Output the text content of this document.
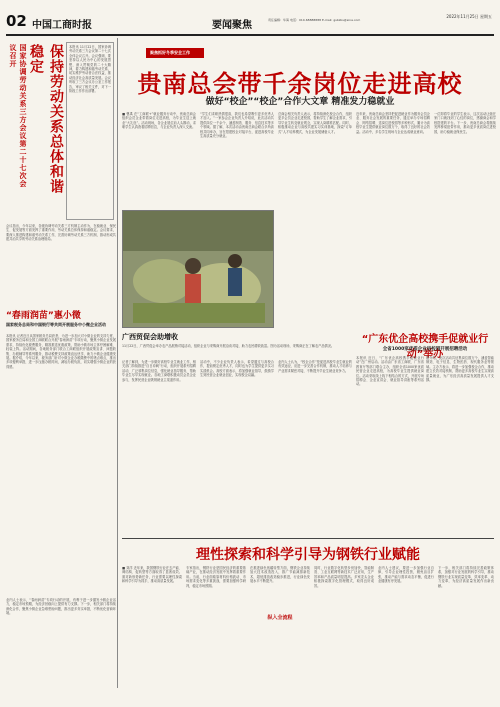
02 中国工商时报	要闻聚焦	责任编辑：华海 电话：010-68888888 E-mail: gsbzbs@sina.com
2022年11月25日 星期五
保持劳动关系总体和谐稳定
国家协调劳动关系三方会议第二十七次会议召开	本报讯 11月22日，国家协调劳动关系三方会议第二十七次全体会议召开。会议强调，要坚持以人民为中心的发展思想，深入贯彻党的二十大精神，着力构建和谐劳动关系，切实维护劳动者合法权益，推动经济社会高质量发展。会议听取了三方会议办公室工作报告，审议了相关文件，对下一阶段工作作出部署。
会议指出，今年以来，各级协调劳动关系三方机制主动作为，在稳就业、保民生、促发展等方面发挥了重要作用，劳动关系总体保持和谐稳定。会议要求，要深入推进构建和谐劳动关系工作，完善协调劳动关系三方机制，推动形成共建共治共享的劳动关系治理格局。
“春雨润苗”惠小微
国家税务总局和中国银行等共同开展服务中小微企业活动
本报讯 记者近日从国家税务总局获悉，为进一步加大对小微企业的支持力度，国家税务总局和全国工商联联合开展“春雨润苗”专项行动，聚焦小微企业发展需求，持续优化税费服务，精准推送优惠政策，帮助小微市场主体纾困解难、轻装上阵。活动期间，各地税务部门联合工商联组织开展政策宣讲、问题收集、办税辅导等系列服务，推动税费支持政策直达快享，助力小微企业健康发展。据介绍，今年以来，税务部门针对小微企业办税缴费中的堵点难点，推出多项便利举措，进一步压缩办税时间，减轻办税负担，切实增强小微企业的获得感。
业内人士表示，“春雨润苗”专项行动的开展，有利于进一步激发小微企业活力，稳定市场预期，为经济回稳向上提供有力支撑。下一步，相关部门将持续深化合作，聚焦小微企业急难愁盼问题，推出更多务实举措，不断优化营商环境。
聚焦抓好冬季安全工作
贵南总会带千余岗位走进高校
做好“校企”“校企”合作大文章 精准发力稳就业
■ 曹禹 在“工商联+”就业服务行动中，贵南总商会组织会员企业带着岗位走进高校，为毕业生送上就业“大礼包”。活动现场，各企业展位前人头攒动，求职学生认真查看招聘信息，与企业负责人深入交流。
“学生们求职热情很高，我们也希望吸引更多优秀人才加入。”一家参会企业负责人介绍说，此次活动共提供岗位一千余个，涵盖制造、服务、信息技术等多个领域。据了解，本次活动由贵南总商会联合多所高校共同举办，旨在搭建校企对接平台，促进高校毕业生高质量充分就业。
总商会相关负责人表示，将持续深化校企合作，组织更多会员企业走进校园，帮助学生了解企业需求，引导毕业生转变就业观念，实现人岗精准匹配。同时，积极推动企业与高校共建实习实训基地，探索“订单式”人才培养模式，为企业发展储备人才。
近年来，贵南总商会坚持把促进就业作为服务会员企业、服务社会发展的重要任务，通过举办专场招聘会、网络招聘、送岗位进校园等多种形式，累计为高校毕业生提供就业岗位数万个，取得了良好的社会效益。活动中，多名学生现场与企业达成就业意向。
一位即将毕业的学生表示，这次活动让她在家门口就找到了心仪的岗位，感谢商会和学校搭建的平台。下一步，贵南总商会将继续发挥桥梁纽带作用，推动更多优质岗位进校园，助力稳就业保民生。
广西贸促会助增收
11月22日，广西贸促会举办农产品展销对接活动，组织企业与采购商开展洽谈对接，助力农民增收致富。图为活动现场，采购商正在了解农产品情况。
“广东优企高校携手促就业行动”举办
全省1000家优质企业进校园开展招聘活动
本报讯 近日，“广东优企高校携手促就业行动”在广州启动。活动由广东省工商联、广东省教育厅等部门联合主办，组织全省1000家优质民营企业走进高校，为高校毕业生提供就业岗位。活动采取线上线下相结合的方式，开展专场招聘会、企业宣讲会、就业指导讲座等系列活动。
据介绍，此次活动共征集岗位数万个，涵盖智能制造、电子信息、生物医药、现代服务业等领域。主办方表示，将进一步加强校企合作，推动建立长效对接机制，帮助更多高校毕业生实现高质量就业，为广东经济高质量发展提供人才支撑。
记者了解到，为进一步做好高校毕业生就业工作，相关部门持续推进“百日冲刺”行动，组织开展系列招聘活动，广泛募集岗位信息，强化就业指导服务，帮助毕业生尽早实现就业。各地工商联积极动员会员企业参与，发挥民营企业吸纳就业主渠道作用。
活动中，不少企业负责人表示，希望通过与高校合作，提前锁定优秀人才，同时也为学生提供更多实习实践机会。高校方面表示，将加强就业指导，鼓励学生到民营企业就业创业，实现校企双赢。
业内人士认为，“校企合作”是促进高校毕业生就业的有效途径，应进一步完善合作机制，推动人才培养与产业需求紧密对接，不断提升毕业生就业竞争力。
理性探索和科学引导为钢铁行业赋能
■ 刘洋 近年来，我国钢铁行业在去产能、调结构、促转型等方面取得了显著成效。面对新形势新任务，行业需要以理性探索和科学引导为抓手，推动高质量发展。
专家指出，钢铁行业是国民经济的重要基础产业，在推动经济发展中发挥着重要作用。当前，行业面临原材料价格波动、市场需求变化等多重挑战，需要加强科学研判，稳定市场预期。
在推进绿色低碳转型方面，钢铁企业持续加大技术改造投入，推广节能减排新技术，超低排放改造稳步推进，行业绿色发展水平不断提升。
纵入全流程
同时，行业数字化转型步伐加快，智能制造、工业互联网等新技术广泛应用，生产效率和产品质量明显提高。多家龙头企业积极探索数字化管理模式，取得良好成效。
业内人士建议，要进一步加强行业自律，引导企业理性投资，避免盲目扩张，推动产能与需求动态平衡，促进行业健康有序发展。
下一步，相关部门将持续完善政策体系，加强对行业发展的科学引导，推动钢铁行业实现质量变革、效率变革、动力变革，为经济高质量发展作出新贡献。
